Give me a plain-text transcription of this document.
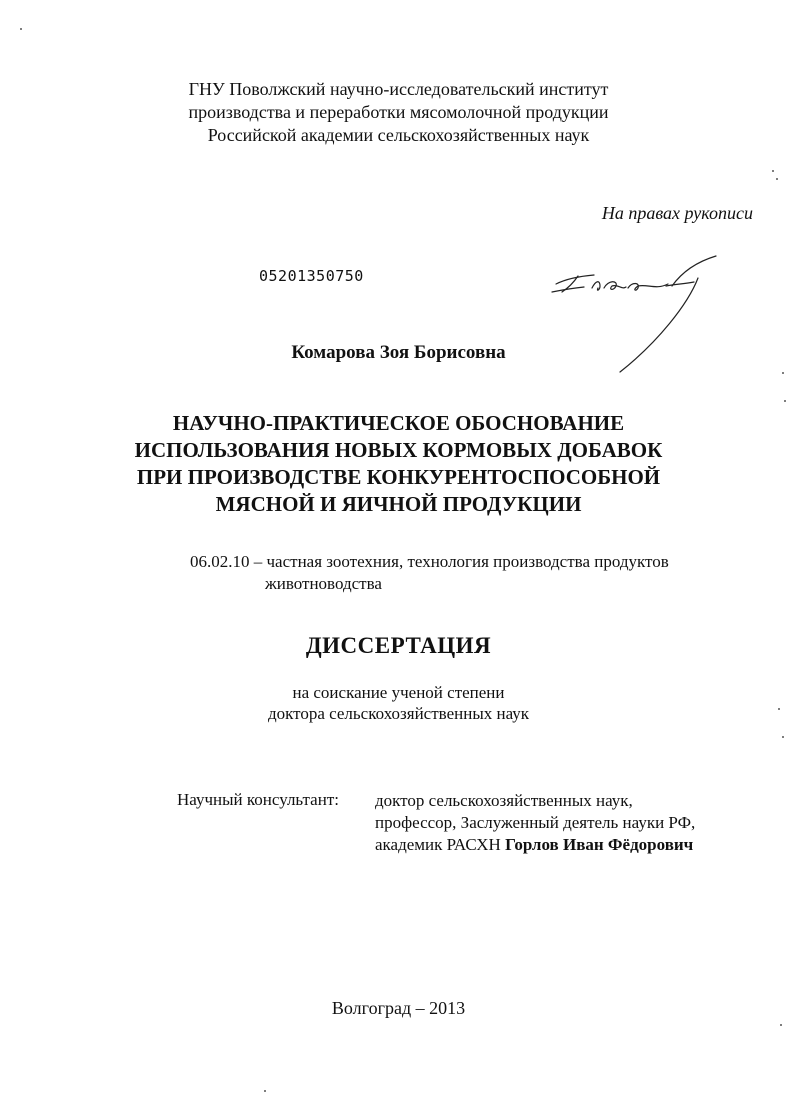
ГНУ Поволжский научно-исследовательский институт
производства и переработки мясомолочной продукции
Российской академии сельскохозяйственных наук
На правах рукописи
05201350750
Комарова Зоя Борисовна
НАУЧНО-ПРАКТИЧЕСКОЕ ОБОСНОВАНИЕ
ИСПОЛЬЗОВАНИЯ НОВЫХ КОРМОВЫХ ДОБАВОК
ПРИ ПРОИЗВОДСТВЕ КОНКУРЕНТОСПОСОБНОЙ
МЯСНОЙ И ЯИЧНОЙ ПРОДУКЦИИ
06.02.10 – частная зоотехния, технология производства продуктов
животноводства
ДИССЕРТАЦИЯ
на соискание ученой степени
доктора сельскохозяйственных наук
Научный консультант: доктор сельскохозяйственных наук,
профессор, Заслуженный деятель науки РФ,
академик РАСХН Горлов Иван Фёдорович
Волгоград – 2013
